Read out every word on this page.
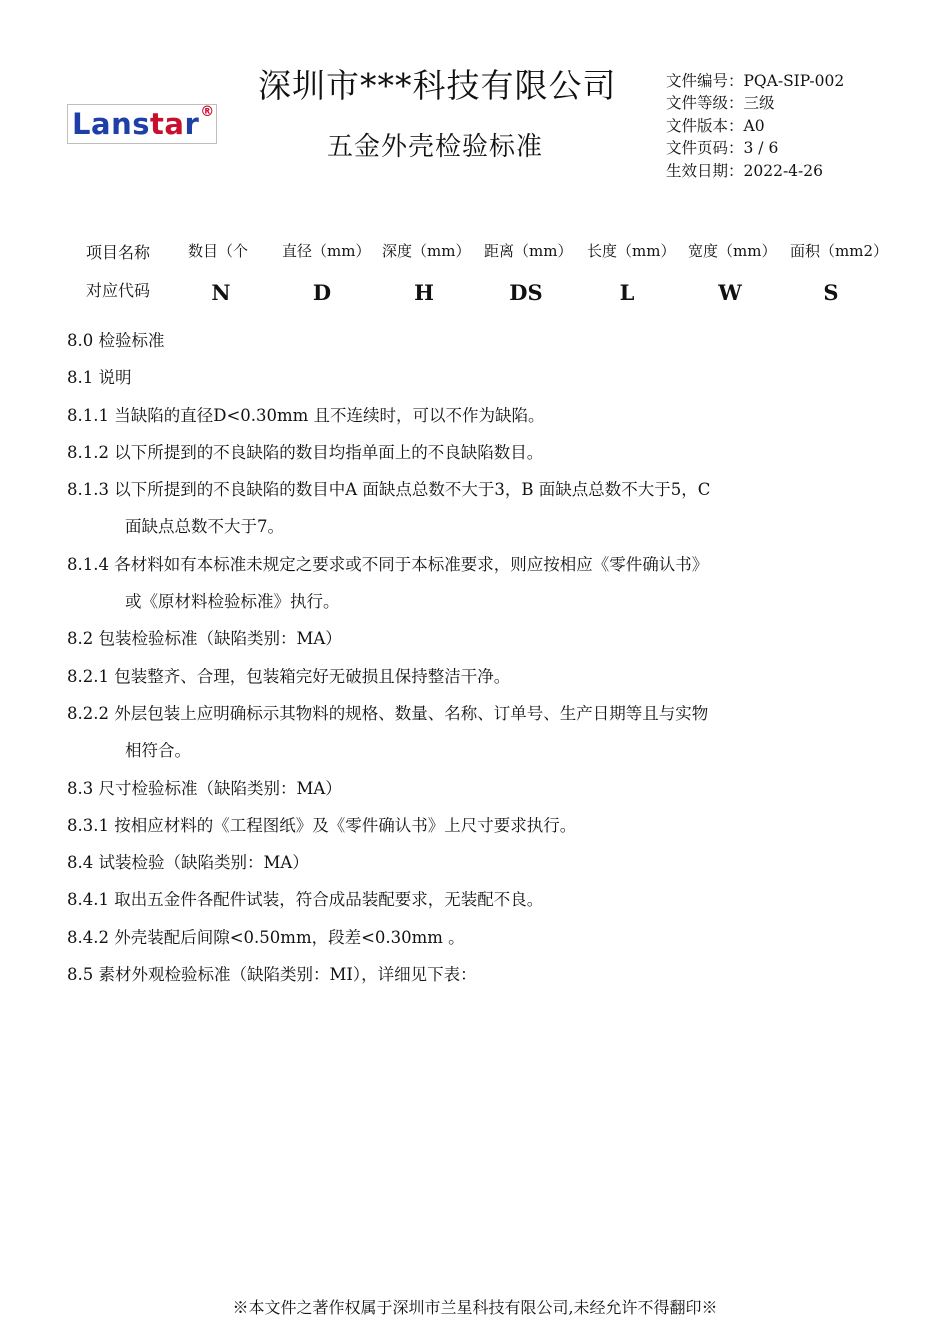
Lanstar ®
深圳市***科技有限公司
五金外壳检验标准
文件编号：PQA-SIP-002
文件等级：三级
文件版本：A0
文件页码：3 / 6
生效日期：2022-4-26
项目名称	数目（个 直径（mm） 深度（mm） 距离（mm） 长度（mm） 宽度（mm） 面积（mm2）
对应代码	N	D	H	DS	L	W	S
8.0 检验标准
8.1 说明
8.1.1 当缺陷的直径D<0.30mm 且不连续时，可以不作为缺陷。
8.1.2 以下所提到的不良缺陷的数目均指单面上的不良缺陷数目。
8.1.3 以下所提到的不良缺陷的数目中A 面缺点总数不大于3，B 面缺点总数不大于5，C
面缺点总数不大于7。
8.1.4 各材料如有本标准未规定之要求或不同于本标准要求，则应按相应《零件确认书》
或《原材料检验标准》执行。
8.2 包装检验标准（缺陷类别：MA）
8.2.1 包装整齐、合理，包装箱完好无破损且保持整洁干净。
8.2.2 外层包装上应明确标示其物料的规格、数量、名称、订单号、生产日期等且与实物
相符合。
8.3 尺寸检验标准（缺陷类别：MA）
8.3.1 按相应材料的《工程图纸》及《零件确认书》上尺寸要求执行。
8.4 试装检验（缺陷类别：MA）
8.4.1 取出五金件各配件试装，符合成品装配要求，无装配不良。
8.4.2 外壳装配后间隙<0.50mm，段差<0.30mm 。
8.5 素材外观检验标准（缺陷类别：MI），详细见下表：
※本文件之著作权属于深圳市兰星科技有限公司,未经允许不得翻印※
